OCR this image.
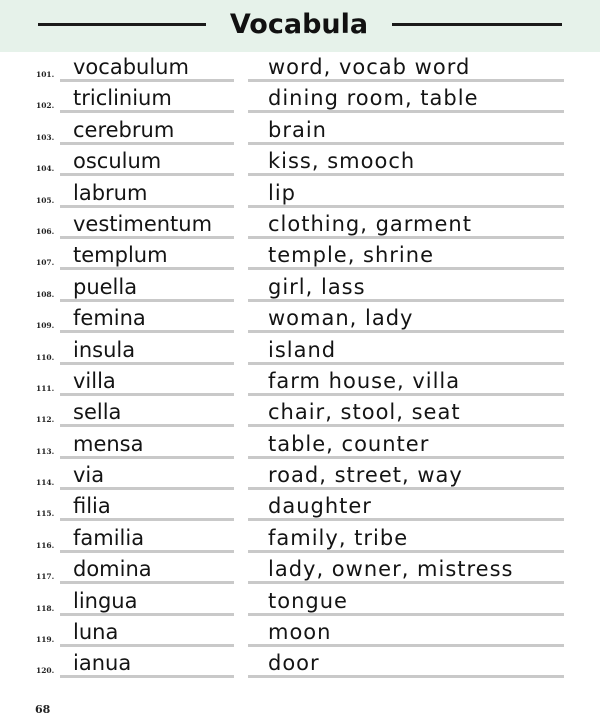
Vocabula
101. vocabulum	word, vocab word
102. triclinium	dining room, table
103. cerebrum	brain
104. osculum	kiss, smooch
105. labrum	lip
106. vestimentum	clothing, garment
107. templum	temple, shrine
108. puella	girl, lass
109. femina	woman, lady
110. insula	island
111. villa	farm house, villa
112. sella	chair, stool, seat
113. mensa	table, counter
114. via	road, street, way
115. filia	daughter
116. familia	family, tribe
117. domina	lady, owner, mistress
118. lingua	tongue
119. luna	moon
120. ianua	door
68
